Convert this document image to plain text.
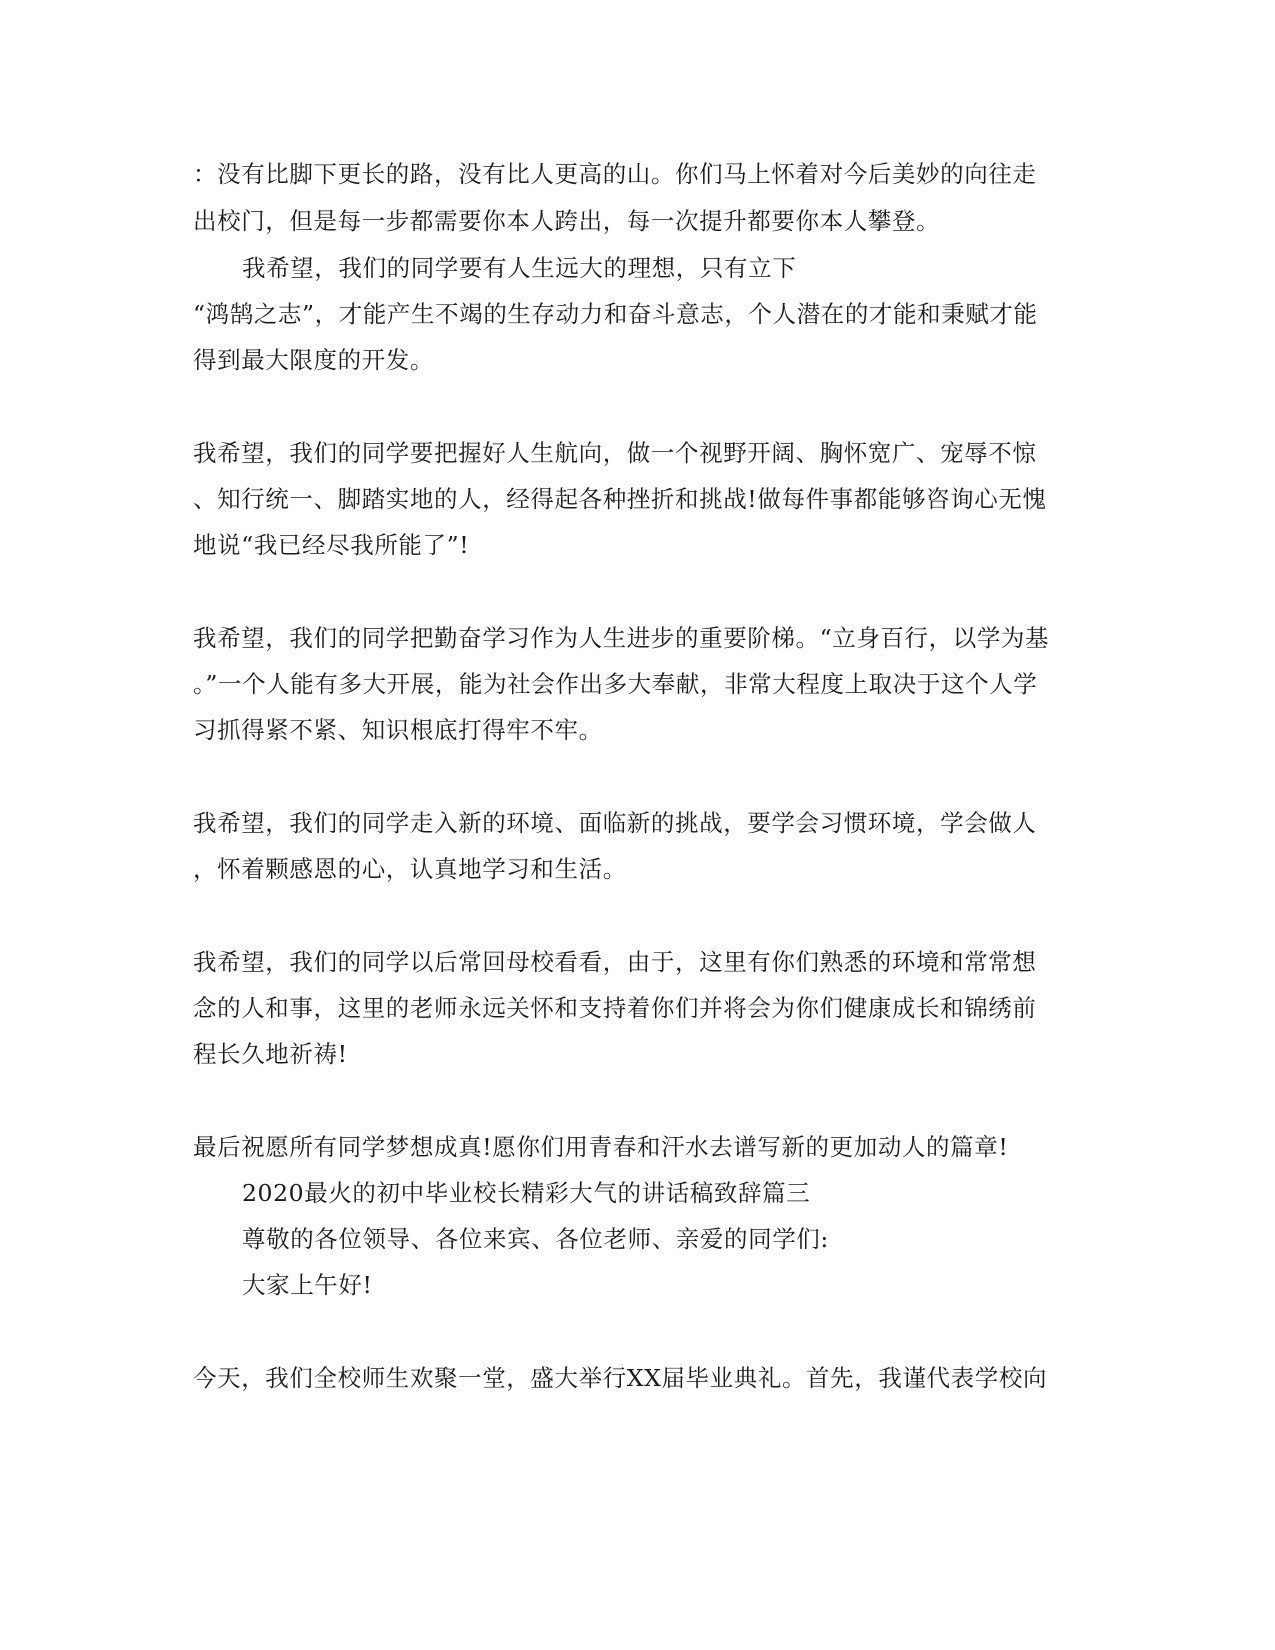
：没有比脚下更长的路，没有比人更高的山。你们马上怀着对今后美妙的向往走

出校门，但是每一步都需要你本人跨出，每一次提升都要你本人攀登。

我希望，我们的同学要有人生远大的理想，只有立下

“鸿鹄之志”，才能产生不竭的生存动力和奋斗意志，个人潜在的才能和秉赋才能

得到最大限度的开发。

我希望，我们的同学要把握好人生航向，做一个视野开阔、胸怀宽广、宠辱不惊

、知行统一、脚踏实地的人，经得起各种挫折和挑战!做每件事都能够咨询心无愧

地说“我已经尽我所能了”!

我希望，我们的同学把勤奋学习作为人生进步的重要阶梯。“立身百行，以学为基

。”一个人能有多大开展，能为社会作出多大奉献，非常大程度上取决于这个人学

习抓得紧不紧、知识根底打得牢不牢。

我希望，我们的同学走入新的环境、面临新的挑战，要学会习惯环境，学会做人

，怀着颗感恩的心，认真地学习和生活。

我希望，我们的同学以后常回母校看看，由于，这里有你们熟悉的环境和常常想

念的人和事，这里的老师永远关怀和支持着你们并将会为你们健康成长和锦绣前

程长久地祈祷!

最后祝愿所有同学梦想成真!愿你们用青春和汗水去谱写新的更加动人的篇章!

2020最火的初中毕业校长精彩大气的讲话稿致辞篇三

尊敬的各位领导、各位来宾、各位老师、亲爱的同学们:

大家上午好!

今天，我们全校师生欢聚一堂，盛大举行XX届毕业典礼。首先，我谨代表学校向
